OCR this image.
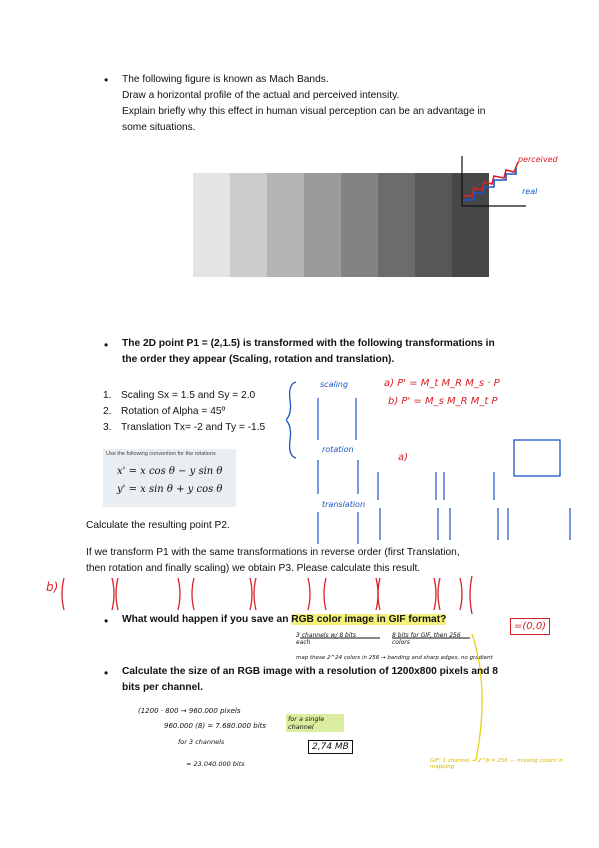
• The following figure is known as Mach Bands.
Draw a horizontal profile of the actual and perceived intensity.
Explain briefly why this effect in human visual perception can be an advantage in
some situations.
perceived
real
• The 2D point P1 = (2,1.5) is transformed with the following transformations in
the order they appear (Scaling, rotation and translation).
1. Scaling Sx = 1.5 and Sy = 2.0
2. Rotation of Alpha = 45º
3. Translation Tx= -2 and Ty = -1.5
Use the following convention for the rotations
x' = x cos θ − y sin θ
y' = x sin θ + y cos θ
Calculate the resulting point P2.
If we transform P1 with the same transformations in reverse order (first Translation,
then rotation and finally scaling) we obtain P3. Please calculate this result.
scaling	a) P' = M_t M_R M_s · P
b) P' = M_s M_R M_t P
rotation
a)
translation
b)
=(0,0)
• What would happen if you save an RGB color image in GIF format?
3 channels w/ 8 bits each
8 bits for GIF, then 256 colors
map these 2^24 colors in 256 → banding and sharp edges, no gradient
GIF: 1 channel → 2^8 = 256 — missing colors in mapping
• Calculate the size of an RGB image with a resolution of 1200x800 pixels and 8
bits per channel.
(1200 · 800 → 960.000 pixels
960.000 (8) = 7.680.000 bits
for a single channel
for 3 channels
= 23.040.000 bits
2,74 MB
